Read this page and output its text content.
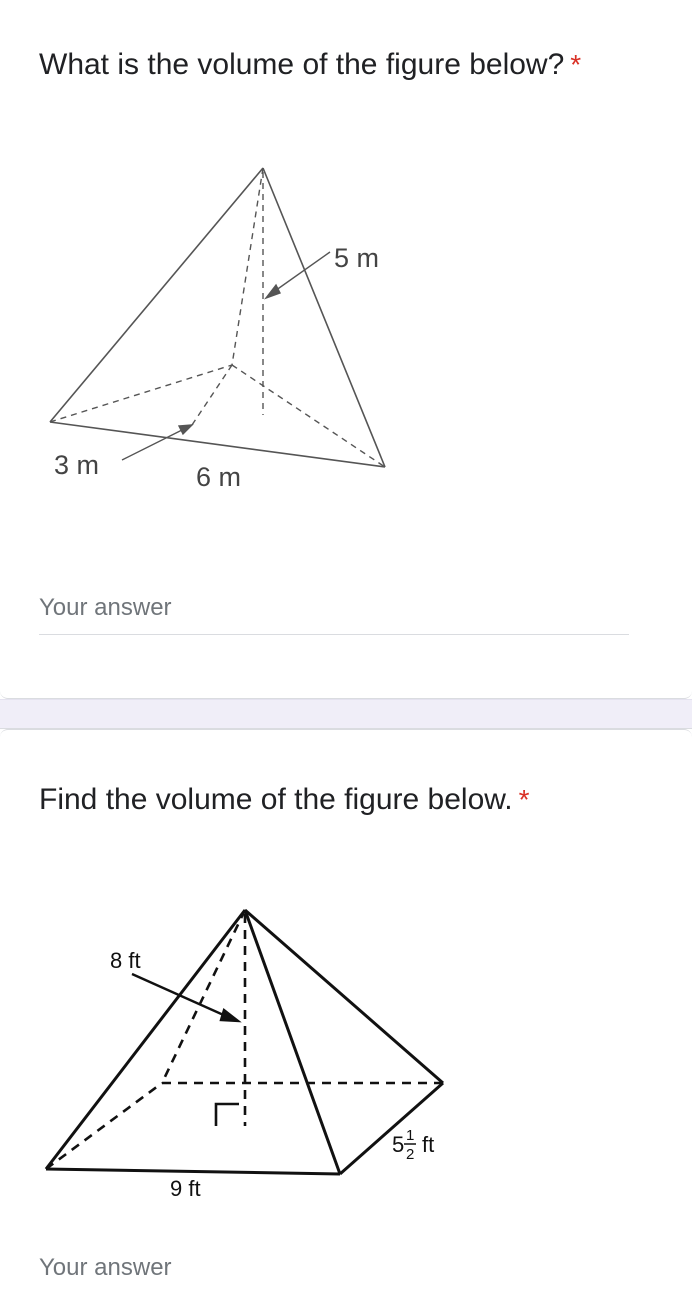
What is the volume of the figure below? *
5 m
3 m	6 m
Your answer
Find the volume of the figure below. *
8 ft
9 ft
5 1
2 ft
Your answer
